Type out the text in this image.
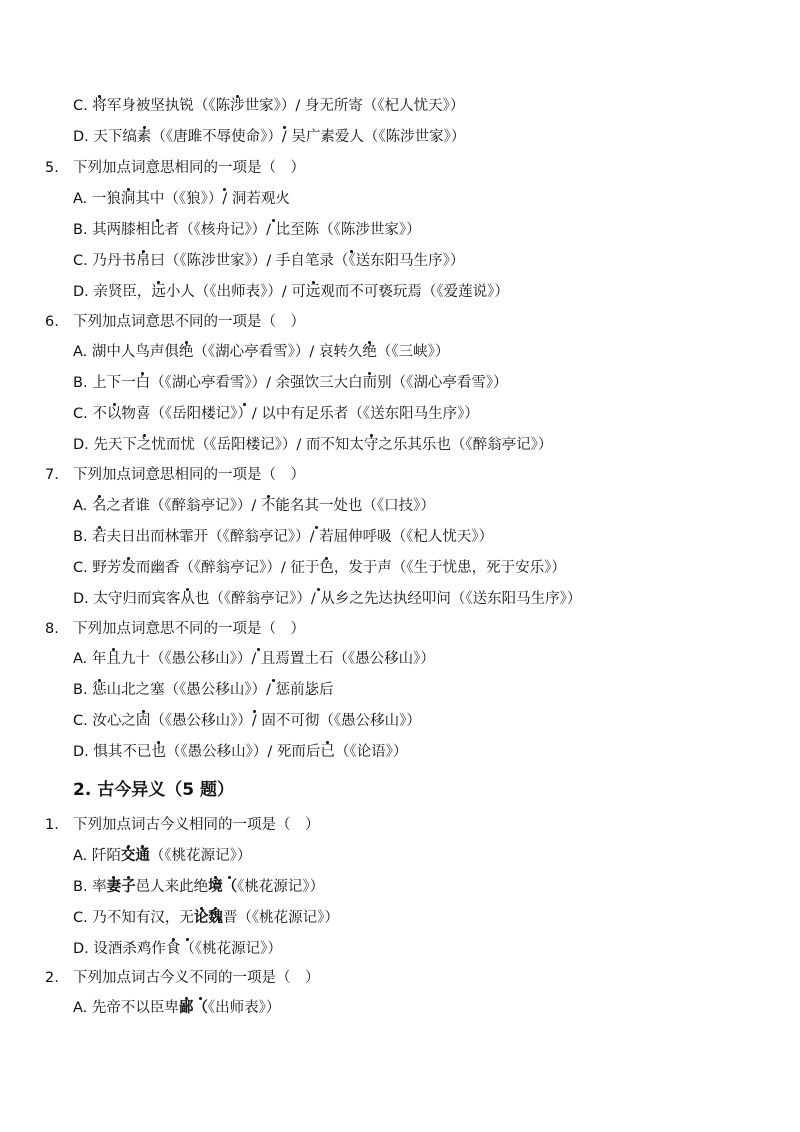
C. 将军身被坚执锐（《陈涉世家》）/ 身无所寄（《杞人忧天》）
D. 天下缟素（《唐雎不辱使命》）/ 吴广素爱人（《陈涉世家》）
5. 下列加点词意思相同的一项是（　）
A. 一狼洞其中（《狼》）/ 洞若观火
B. 其两膝相比者（《核舟记》）/ 比至陈（《陈涉世家》）
C. 乃丹书帛曰（《陈涉世家》）/ 手自笔录（《送东阳马生序》）
D. 亲贤臣，远小人（《出师表》）/ 可远观而不可亵玩焉（《爱莲说》）
6. 下列加点词意思不同的一项是（　）
A. 湖中人鸟声俱绝（《湖心亭看雪》）/ 哀转久绝（《三峡》）
B. 上下一白（《湖心亭看雪》）/ 余强饮三大白而别（《湖心亭看雪》）
C. 不以物喜（《岳阳楼记》）/ 以中有足乐者（《送东阳马生序》）
D. 先天下之忧而忧（《岳阳楼记》）/ 而不知太守之乐其乐也（《醉翁亭记》）
7. 下列加点词意思相同的一项是（　）
A. 名之者谁（《醉翁亭记》）/ 不能名其一处也（《口技》）
B. 若夫日出而林霏开（《醉翁亭记》）/ 若屈伸呼吸（《杞人忧天》）
C. 野芳发而幽香（《醉翁亭记》）/ 征于色，发于声（《生于忧患，死于安乐》）
D. 太守归而宾客从也（《醉翁亭记》）/ 从乡之先达执经叩问（《送东阳马生序》）
8. 下列加点词意思不同的一项是（　）
A. 年且九十（《愚公移山》）/ 且焉置土石（《愚公移山》）
B. 惩山北之塞（《愚公移山》）/ 惩前毖后
C. 汝心之固（《愚公移山》）/ 固不可彻（《愚公移山》）
D. 惧其不已也（《愚公移山》）/ 死而后已（《论语》）
2. 古今异义（5 题）
1. 下列加点词古今义相同的一项是（　）
A. 阡陌交通（《桃花源记》）
B. 率妻子邑人来此绝境（《桃花源记》）
C. 乃不知有汉，无论魏晋（《桃花源记》）
D. 设酒杀鸡作食（《桃花源记》）
2. 下列加点词古今义不同的一项是（　）
A. 先帝不以臣卑鄙（《出师表》）
